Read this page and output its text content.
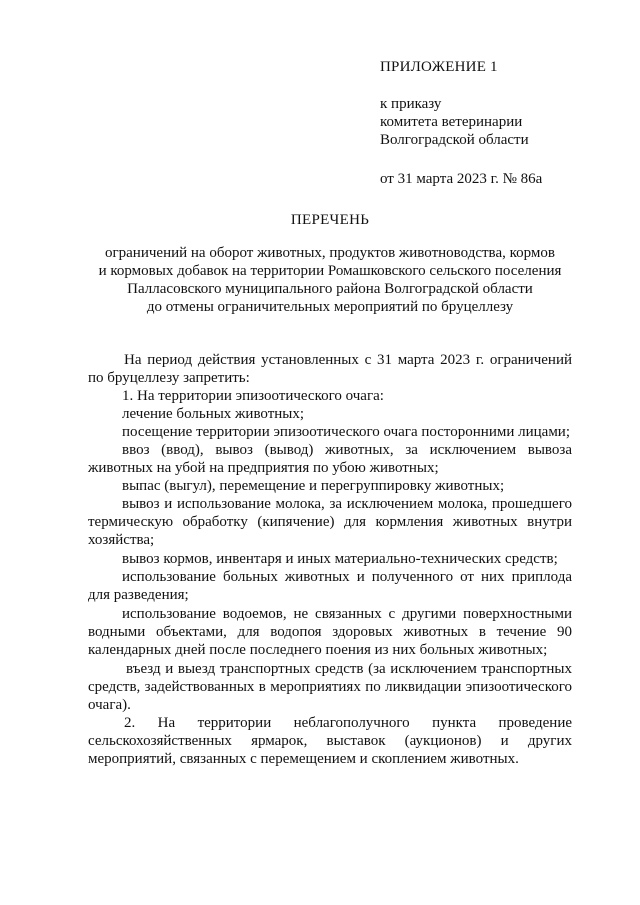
ПРИЛОЖЕНИЕ 1
к приказу
комитета ветеринарии
Волгоградской области
от 31 марта 2023 г. № 86а
ПЕРЕЧЕНЬ
ограничений на оборот животных, продуктов животноводства, кормов
и кормовых добавок на территории Ромашковского сельского поселения
Палласовского муниципального района Волгоградской области
до отмены ограничительных мероприятий по бруцеллезу

На период действия установленных с 31 марта 2023 г. ограничений по бруцеллезу запретить:

1. На территории эпизоотического очага:

лечение больных животных;

посещение территории эпизоотического очага посторонними лицами;

ввоз (ввод), вывоз (вывод) животных, за исключением вывоза животных на убой на предприятия по убою животных;

выпас (выгул), перемещение и перегруппировку животных;

вывоз и использование молока, за исключением молока, прошедшего термическую обработку (кипячение) для кормления животных внутри хозяйства;

вывоз кормов, инвентаря и иных материально-технических средств;

использование больных животных и полученного от них приплода для разведения;

использование водоемов, не связанных с другими поверхностными водными объектами, для водопоя здоровых животных в течение 90 календарных дней после последнего поения из них больных животных;

въезд и выезд транспортных средств (за исключением транспортных средств, задействованных в мероприятиях по ликвидации эпизоотического очага).

2. На территории неблагополучного пункта проведение

сельскохозяйственных ярмарок, выставок (аукционов) и других мероприятий, связанных с перемещением и скоплением животных.
